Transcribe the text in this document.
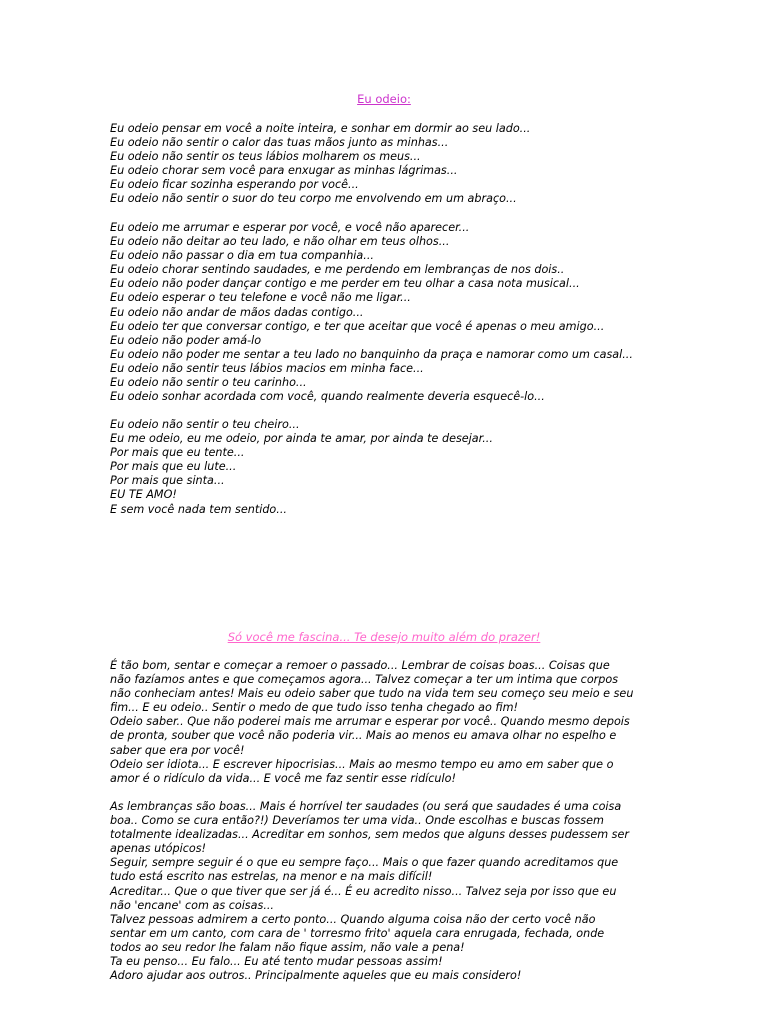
Eu odeio:
Eu odeio pensar em você a noite inteira, e sonhar em dormir ao seu lado...
Eu odeio não sentir o calor das tuas mãos junto as minhas...
Eu odeio não sentir os teus lábios molharem os meus...
Eu odeio chorar sem você para enxugar as minhas lágrimas...
Eu odeio ficar sozinha esperando por você...
Eu odeio não sentir o suor do teu corpo me envolvendo em um abraço...
Eu odeio me arrumar e esperar por você, e você não aparecer...
Eu odeio não deitar ao teu lado, e não olhar em teus olhos...
Eu odeio não passar o dia em tua companhia...
Eu odeio chorar sentindo saudades, e me perdendo em lembranças de nos dois..
Eu odeio não poder dançar contigo e me perder em teu olhar a casa nota musical...
Eu odeio esperar o teu telefone e você não me ligar...
Eu odeio não andar de mãos dadas contigo...
Eu odeio ter que conversar contigo, e ter que aceitar que você é apenas o meu amigo...
Eu odeio não poder amá-lo
Eu odeio não poder me sentar a teu lado no banquinho da praça e namorar como um casal...
Eu odeio não sentir teus lábios macios em minha face...
Eu odeio não sentir o teu carinho...
Eu odeio sonhar acordada com você, quando realmente deveria esquecê-lo...
Eu odeio não sentir o teu cheiro...
Eu me odeio, eu me odeio, por ainda te amar, por ainda te desejar...
Por mais que eu tente...
Por mais que eu lute...
Por mais que sinta...
EU TE AMO!
E sem você nada tem sentido...
Só você me fascina... Te desejo muito além do prazer!
É tão bom, sentar e começar a remoer o passado... Lembrar de coisas boas... Coisas que
não fazíamos antes e que começamos agora... Talvez começar a ter um intima que corpos
não conheciam antes! Mais eu odeio saber que tudo na vida tem seu começo seu meio e seu
fim... E eu odeio.. Sentir o medo de que tudo isso tenha chegado ao fim!
Odeio saber.. Que não poderei mais me arrumar e esperar por você.. Quando mesmo depois
de pronta, souber que você não poderia vir... Mais ao menos eu amava olhar no espelho e
saber que era por você!
Odeio ser idiota... E escrever hipocrisias... Mais ao mesmo tempo eu amo em saber que o
amor é o ridículo da vida... E você me faz sentir esse ridículo!
As lembranças são boas... Mais é horrível ter saudades (ou será que saudades é uma coisa
boa.. Como se cura então?!) Deveríamos ter uma vida.. Onde escolhas e buscas fossem
totalmente idealizadas... Acreditar em sonhos, sem medos que alguns desses pudessem ser
apenas utópicos!
Seguir, sempre seguir é o que eu sempre faço... Mais o que fazer quando acreditamos que
tudo está escrito nas estrelas, na menor e na mais difícil!
Acreditar... Que o que tiver que ser já é... É eu acredito nisso... Talvez seja por isso que eu
não 'encane' com as coisas...
Talvez pessoas admirem a certo ponto... Quando alguma coisa não der certo você não
sentar em um canto, com cara de ' torresmo frito' aquela cara enrugada, fechada, onde
todos ao seu redor lhe falam não fique assim, não vale a pena!
Ta eu penso... Eu falo... Eu até tento mudar pessoas assim!
Adoro ajudar aos outros.. Principalmente aqueles que eu mais considero!
